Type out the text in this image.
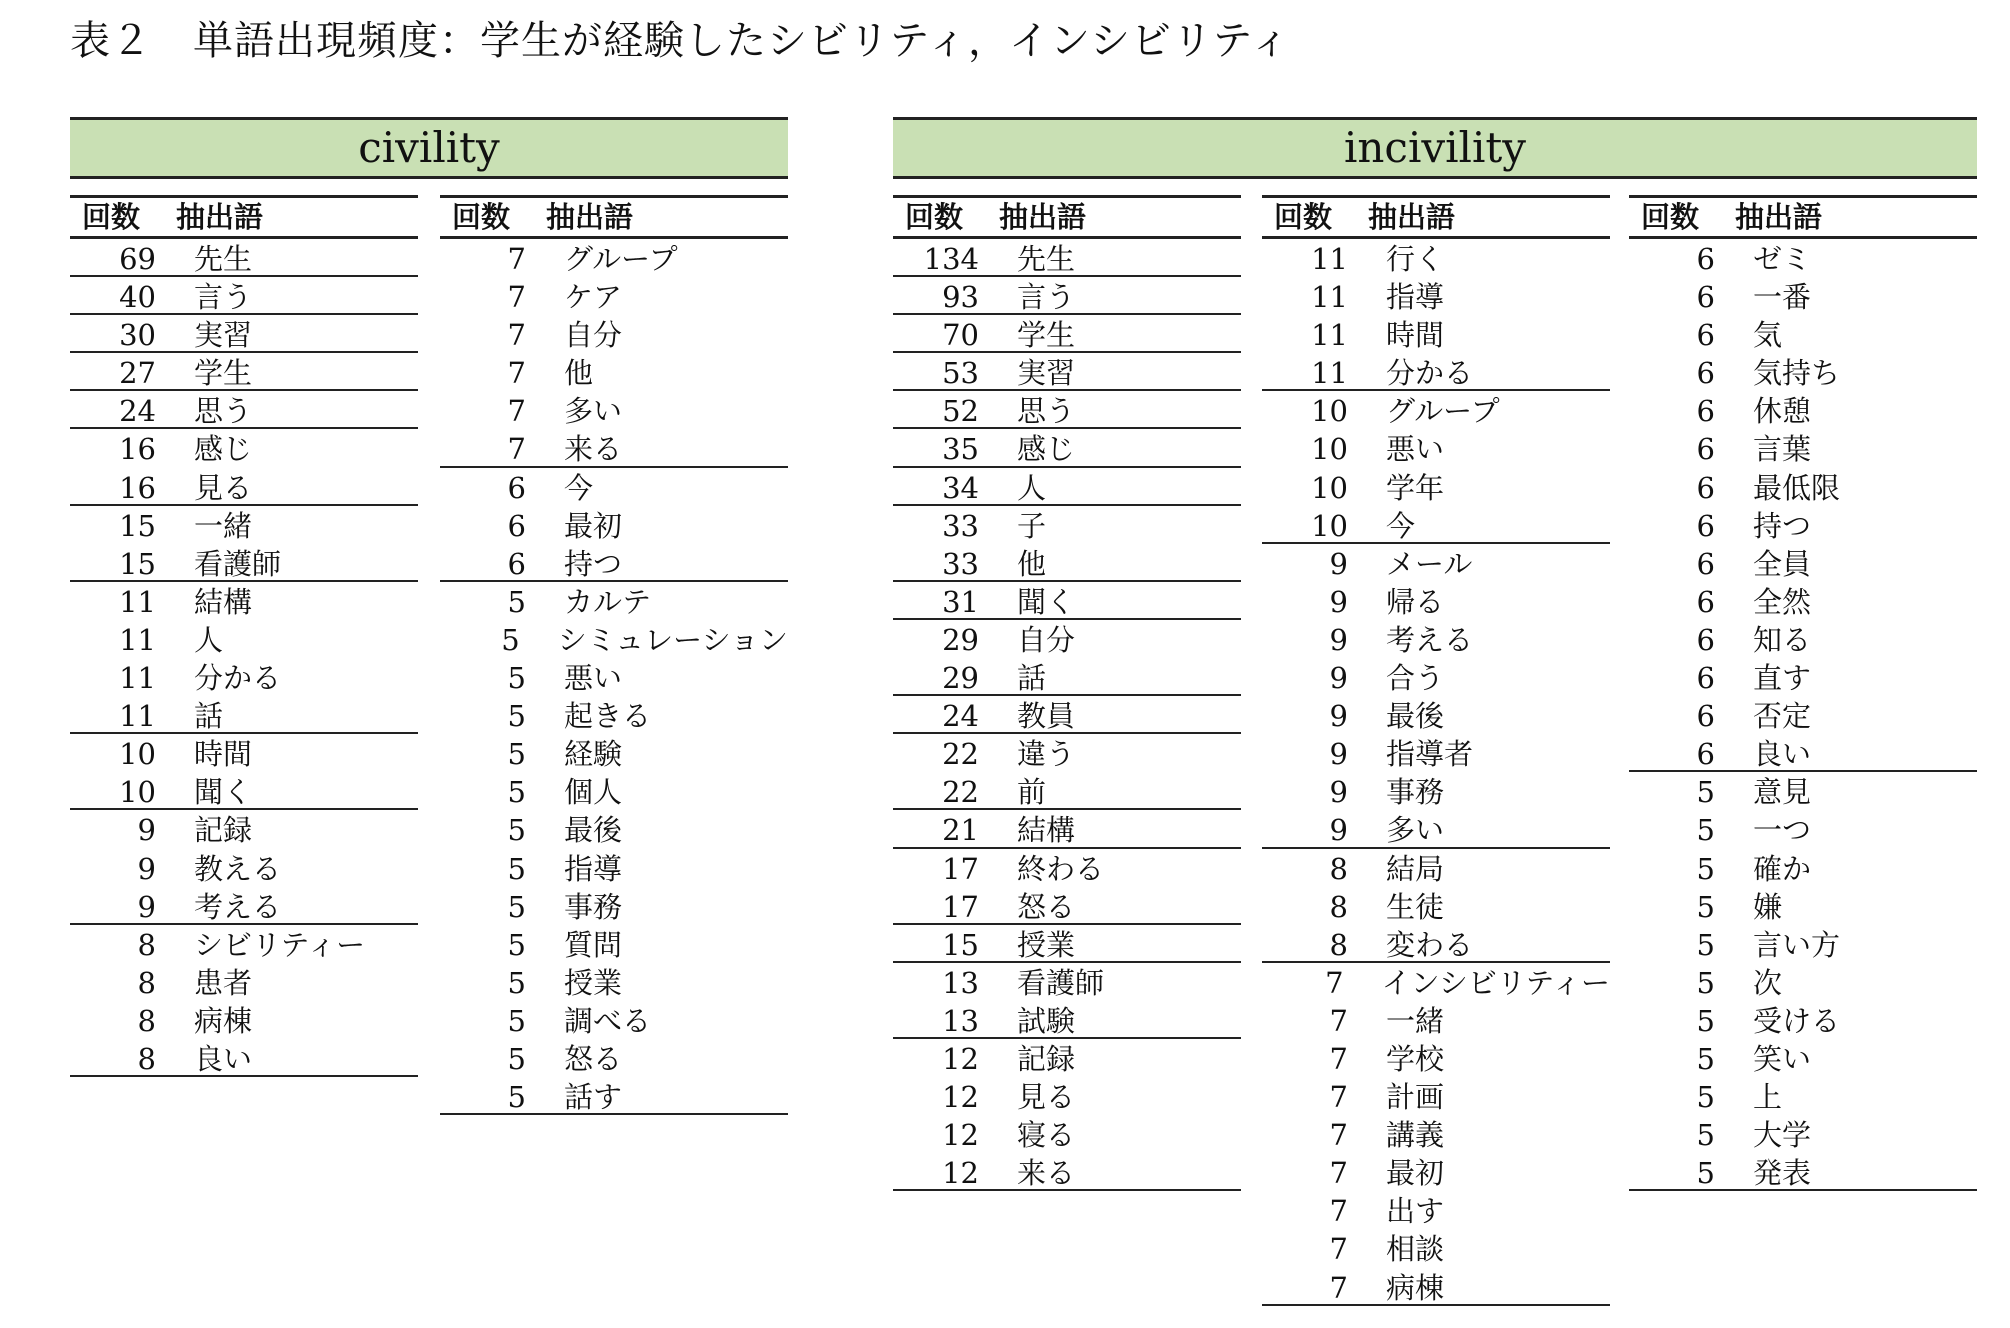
表２　単語出現頻度：学生が経験したシビリティ，インシビリティ
civility
回数	抽出語
69 先生
40 言う
30 実習
27 学生
24 思う
16 感じ
16 見る
15 一緒
15 看護師
11 結構
11 人
11 分かる
11 話
10 時間
10 聞く
9 記録
9 教える
9 考える
8 シビリティー
8 患者
8 病棟
8 良い
回数	抽出語
7 グループ
7 ケア
7 自分
7 他
7 多い
7 来る
6 今
6 最初
6 持つ
5 カルテ
5 シミュレーション
5 悪い
5 起きる
5 経験
5 個人
5 最後
5 指導
5 事務
5 質問
5 授業
5 調べる
5 怒る
5 話す
incivility
回数	抽出語
134 先生
93 言う
70 学生
53 実習
52 思う
35 感じ
34 人
33 子
33 他
31 聞く
29 自分
29 話
24 教員
22 違う
22 前
21 結構
17 終わる
17 怒る
15 授業
13 看護師
13 試験
12 記録
12 見る
12 寝る
12 来る
回数	抽出語
11 行く
11 指導
11 時間
11 分かる
10 グループ
10 悪い
10 学年
10 今
9 メール
9 帰る
9 考える
9 合う
9 最後
9 指導者
9 事務
9 多い
8 結局
8 生徒
8 変わる
7 インシビリティー
7 一緒
7 学校
7 計画
7 講義
7 最初
7 出す
7 相談
7 病棟
回数	抽出語
6 ゼミ
6 一番
6 気
6 気持ち
6 休憩
6 言葉
6 最低限
6 持つ
6 全員
6 全然
6 知る
6 直す
6 否定
6 良い
5 意見
5 一つ
5 確か
5 嫌
5 言い方
5 次
5 受ける
5 笑い
5 上
5 大学
5 発表
